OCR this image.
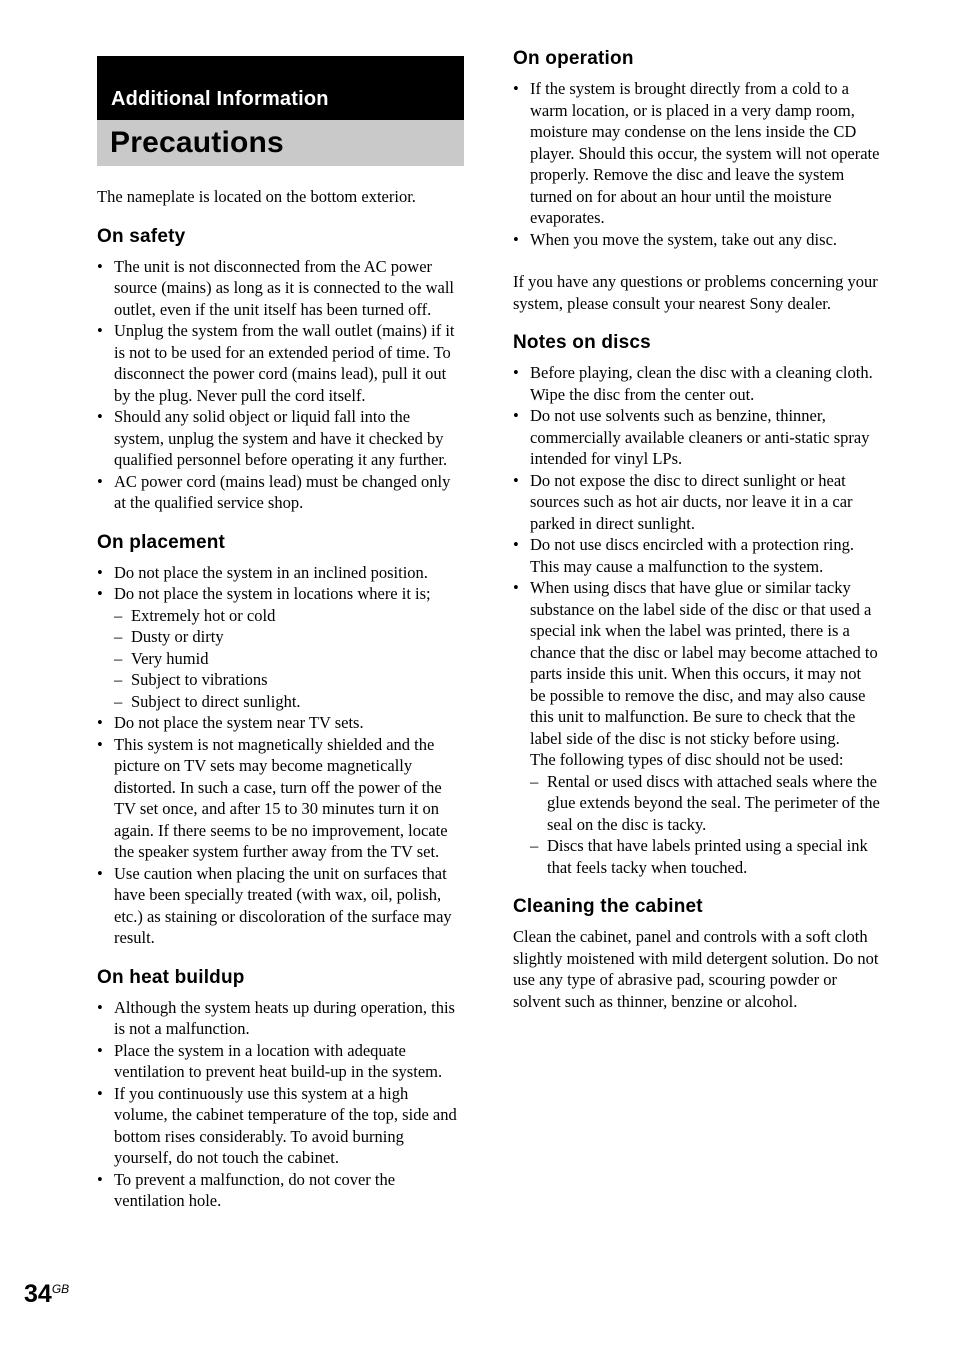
Additional Information
Precautions

The nameplate is located on the bottom exterior.

On safety
• The unit is not disconnected from the AC power source (mains) as long as it is connected to the wall outlet, even if the unit itself has been turned off.
• Unplug the system from the wall outlet (mains) if it is not to be used for an extended period of time. To disconnect the power cord (mains lead), pull it out by the plug. Never pull the cord itself.
• Should any solid object or liquid fall into the system, unplug the system and have it checked by qualified personnel before operating it any further.
• AC power cord (mains lead) must be changed only at the qualified service shop.
On placement
• Do not place the system in an inclined position.
• Do not place the system in locations where it is;
– Extremely hot or cold
– Dusty or dirty
– Very humid
– Subject to vibrations
– Subject to direct sunlight.
• Do not place the system near TV sets.
• This system is not magnetically shielded and the picture on TV sets may become magnetically distorted. In such a case, turn off the power of the TV set once, and after 15 to 30 minutes turn it on again. If there seems to be no improvement, locate the speaker system further away from the TV set.
• Use caution when placing the unit on surfaces that have been specially treated (with wax, oil, polish, etc.) as staining or discoloration of the surface may result.
On heat buildup
• Although the system heats up during operation, this is not a malfunction.
• Place the system in a location with adequate ventilation to prevent heat build-up in the system.
• If you continuously use this system at a high volume, the cabinet temperature of the top, side and bottom rises considerably. To avoid burning yourself, do not touch the cabinet.
• To prevent a malfunction, do not cover the ventilation hole.
On operation
• If the system is brought directly from a cold to a warm location, or is placed in a very damp room, moisture may condense on the lens inside the CD player. Should this occur, the system will not operate properly. Remove the disc and leave the system turned on for about an hour until the moisture evaporates.
• When you move the system, take out any disc.

If you have any questions or problems concerning your system, please consult your nearest Sony dealer.

Notes on discs
• Before playing, clean the disc with a cleaning cloth. Wipe the disc from the center out.
• Do not use solvents such as benzine, thinner, commercially available cleaners or anti-static spray intended for vinyl LPs.
• Do not expose the disc to direct sunlight or heat sources such as hot air ducts, nor leave it in a car parked in direct sunlight.
• Do not use discs encircled with a protection ring. This may cause a malfunction to the system.
• When using discs that have glue or similar tacky substance on the label side of the disc or that used a special ink when the label was printed, there is a chance that the disc or label may become attached to parts inside this unit. When this occurs, it may not be possible to remove the disc, and may also cause this unit to malfunction. Be sure to check that the label side of the disc is not sticky before using.
The following types of disc should not be used:
– Rental or used discs with attached seals where the glue extends beyond the seal. The perimeter of the seal on the disc is tacky.
– Discs that have labels printed using a special ink that feels tacky when touched.
Cleaning the cabinet

Clean the cabinet, panel and controls with a soft cloth slightly moistened with mild detergent solution. Do not use any type of abrasive pad, scouring powder or solvent such as thinner, benzine or alcohol.

$34^{GB}$
